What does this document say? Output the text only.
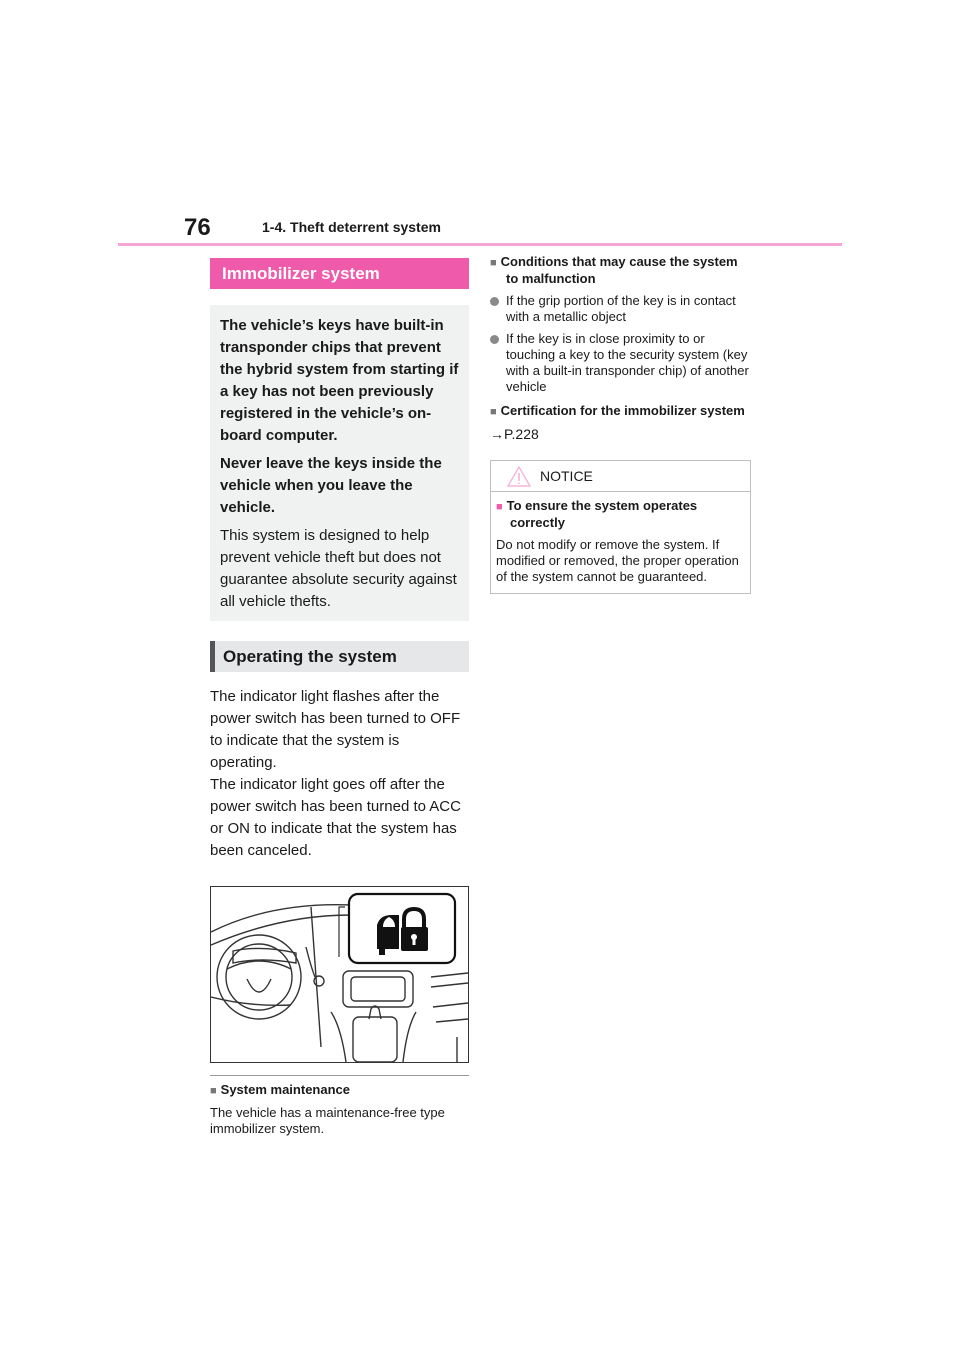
76	1-4. Theft deterrent system
Immobilizer system

The vehicle’s keys have built-in transponder chips that prevent the hybrid system from starting if a key has not been previously registered in the vehicle’s on-board computer.

Never leave the keys inside the vehicle when you leave the vehicle.

This system is designed to help prevent vehicle theft but does not guarantee absolute security against all vehicle thefts.

Operating the system

The indicator light flashes after the power switch has been turned to OFF to indicate that the system is operating.

The indicator light goes off after the power switch has been turned to ACC or ON to indicate that the system has been canceled.

■ System maintenance
The vehicle has a maintenance-free type immobilizer system.
■ Conditions that may cause the system to malfunction
If the grip portion of the key is in contact with a metallic object
If the key is in close proximity to or touching a key to the security system (key with a built-in transponder chip) of another vehicle
■ Certification for the immobilizer system
→P.228
NOTICE
■ To ensure the system operates correctly
Do not modify or remove the system. If modified or removed, the proper operation of the system cannot be guaranteed.
